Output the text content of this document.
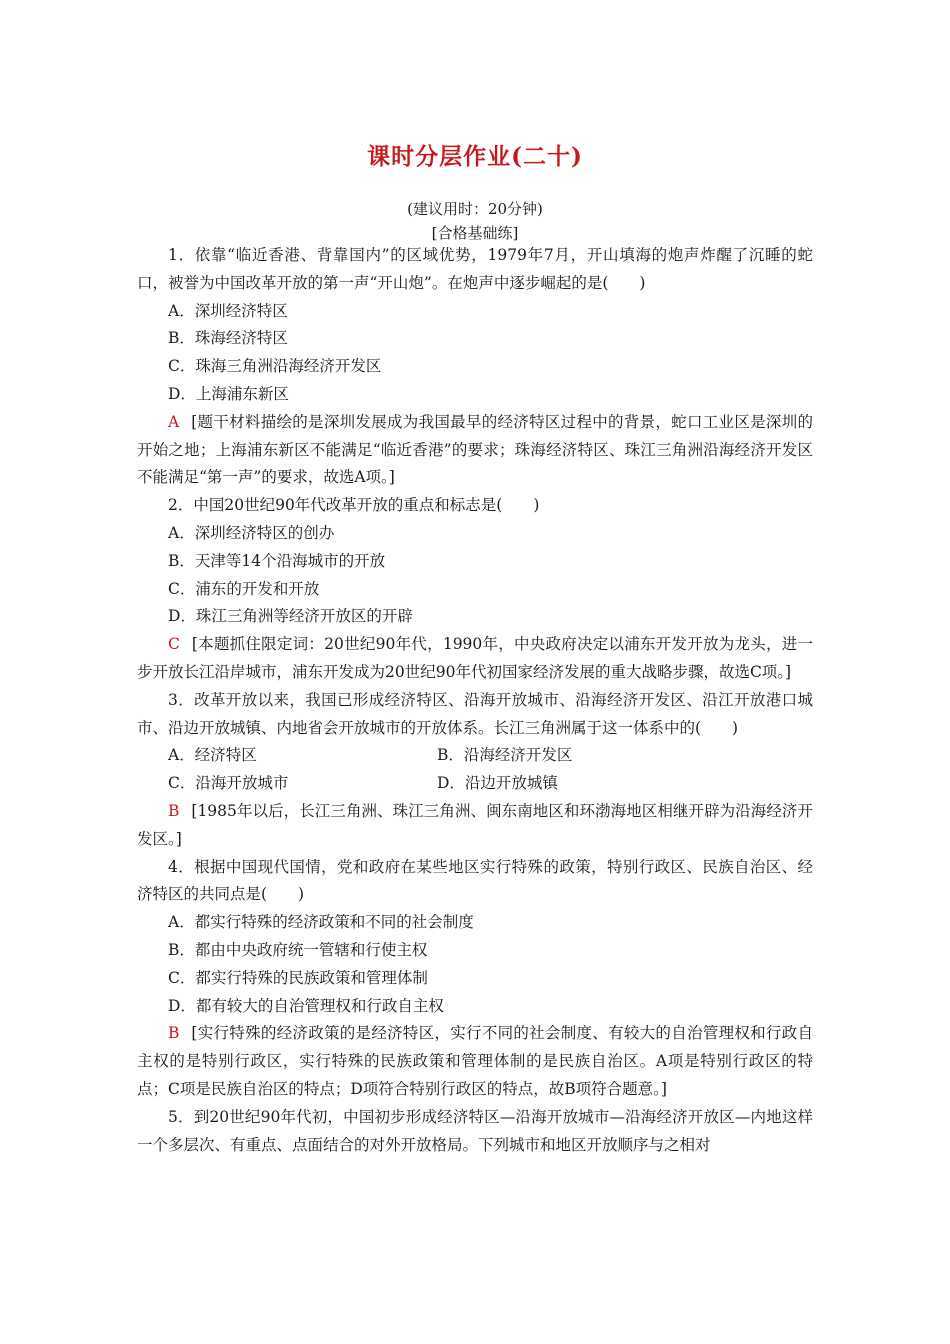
课时分层作业(二十)
(建议用时：20分钟)
[合格基础练]

1．依靠“临近香港、背靠国内”的区域优势，1979年7月，开山填海的炮声炸醒了沉睡的蛇口，被誉为中国改革开放的第一声“开山炮”。在炮声中逐步崛起的是(　　)

A．深圳经济特区

B．珠海经济特区

C．珠海三角洲沿海经济开发区

D．上海浦东新区

A [题干材料描绘的是深圳发展成为我国最早的经济特区过程中的背景，蛇口工业区是深圳的开始之地；上海浦东新区不能满足“临近香港”的要求；珠海经济特区、珠江三角洲沿海经济开发区不能满足“第一声”的要求，故选A项。]

2．中国20世纪90年代改革开放的重点和标志是(　　)

A．深圳经济特区的创办

B．天津等14个沿海城市的开放

C．浦东的开发和开放

D．珠江三角洲等经济开放区的开辟

C [本题抓住限定词：20世纪90年代，1990年，中央政府决定以浦东开发开放为龙头，进一步开放长江沿岸城市，浦东开发成为20世纪90年代初国家经济发展的重大战略步骤，故选C项。]

3．改革开放以来，我国已形成经济特区、沿海开放城市、沿海经济开发区、沿江开放港口城市、沿边开放城镇、内地省会开放城市的开放体系。长江三角洲属于这一体系中的(　　)

A．经济特区	B．沿海经济开发区
C．沿海开放城市	D．沿边开放城镇

B [1985年以后，长江三角洲、珠江三角洲、闽东南地区和环渤海地区相继开辟为沿海经济开发区。]

4．根据中国现代国情，党和政府在某些地区实行特殊的政策，特别行政区、民族自治区、经济特区的共同点是(　　)

A．都实行特殊的经济政策和不同的社会制度

B．都由中央政府统一管辖和行使主权

C．都实行特殊的民族政策和管理体制

D．都有较大的自治管理权和行政自主权

B [实行特殊的经济政策的是经济特区，实行不同的社会制度、有较大的自治管理权和行政自主权的是特别行政区，实行特殊的民族政策和管理体制的是民族自治区。A项是特别行政区的特点；C项是民族自治区的特点；D项符合特别行政区的特点，故B项符合题意。]

5．到20世纪90年代初，中国初步形成经济特区—沿海开放城市—沿海经济开放区—内地这样一个多层次、有重点、点面结合的对外开放格局。下列城市和地区开放顺序与之相对
